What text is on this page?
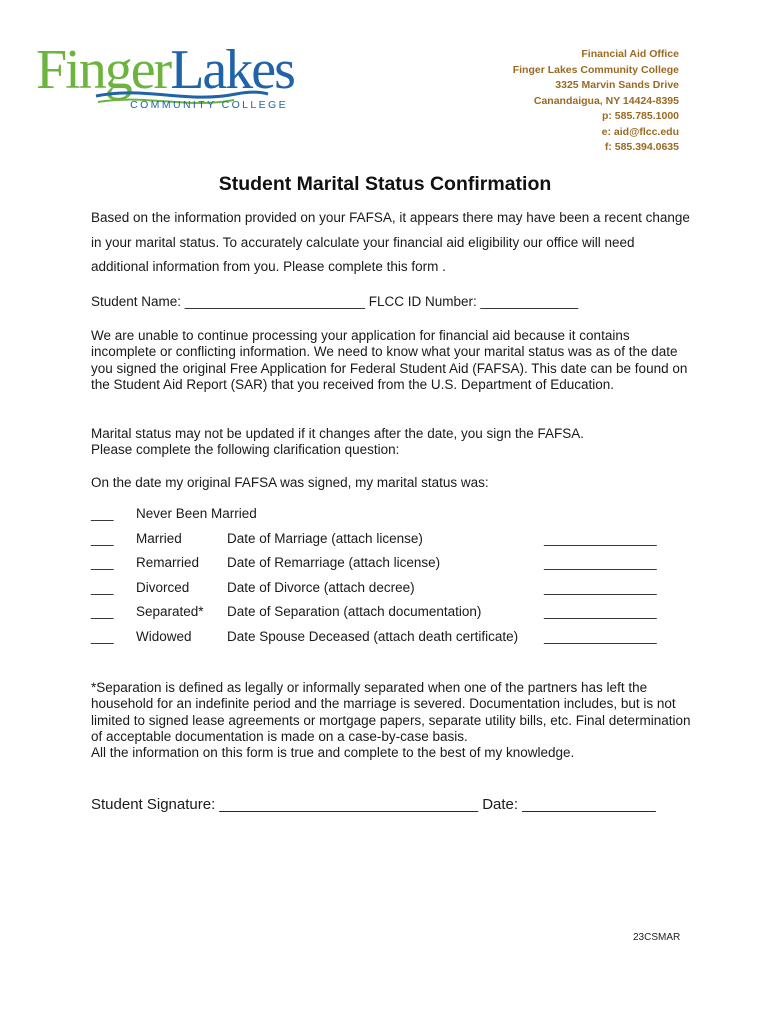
FingerLakes
COMMUNITY COLLEGE
Financial Aid Office
Finger Lakes Community College
3325 Marvin Sands Drive
Canandaigua, NY 14424-8395
p: 585.785.1000
e: aid@flcc.edu
f: 585.394.0635
Student Marital Status Confirmation
Based on the information provided on your FAFSA, it appears there may have been a recent change in your marital status. To accurately calculate your financial aid eligibility our office will need additional information from you. Please complete this form .
Student Name: ________________________ FLCC ID Number: _____________
We are unable to continue processing your application for financial aid because it contains incomplete or conflicting information. We need to know what your marital status was as of the date you signed the original Free Application for Federal Student Aid (FAFSA). This date can be found on the Student Aid Report (SAR) that you received from the U.S. Department of Education.
Marital status may not be updated if it changes after the date, you sign the FAFSA.
Please complete the following clarification question:
On the date my original FAFSA was signed, my marital status was:
___ Never Been Married
___ Married	Date of Marriage (attach license)	_______________
___ Remarried Date of Remarriage (attach license)	_______________
___ Divorced	Date of Divorce (attach decree)	_______________
___ Separated* Date of Separation (attach documentation)	_______________
___ Widowed	Date Spouse Deceased (attach death certificate) _______________
*Separation is defined as legally or informally separated when one of the partners has left the household for an indefinite period and the marriage is severed. Documentation includes, but is not limited to signed lease agreements or mortgage papers, separate utility bills, etc. Final determination of acceptable documentation is made on a case-by-case basis.
All the information on this form is true and complete to the best of my knowledge.
Student Signature: _______________________________ Date: ________________
23CSMAR
